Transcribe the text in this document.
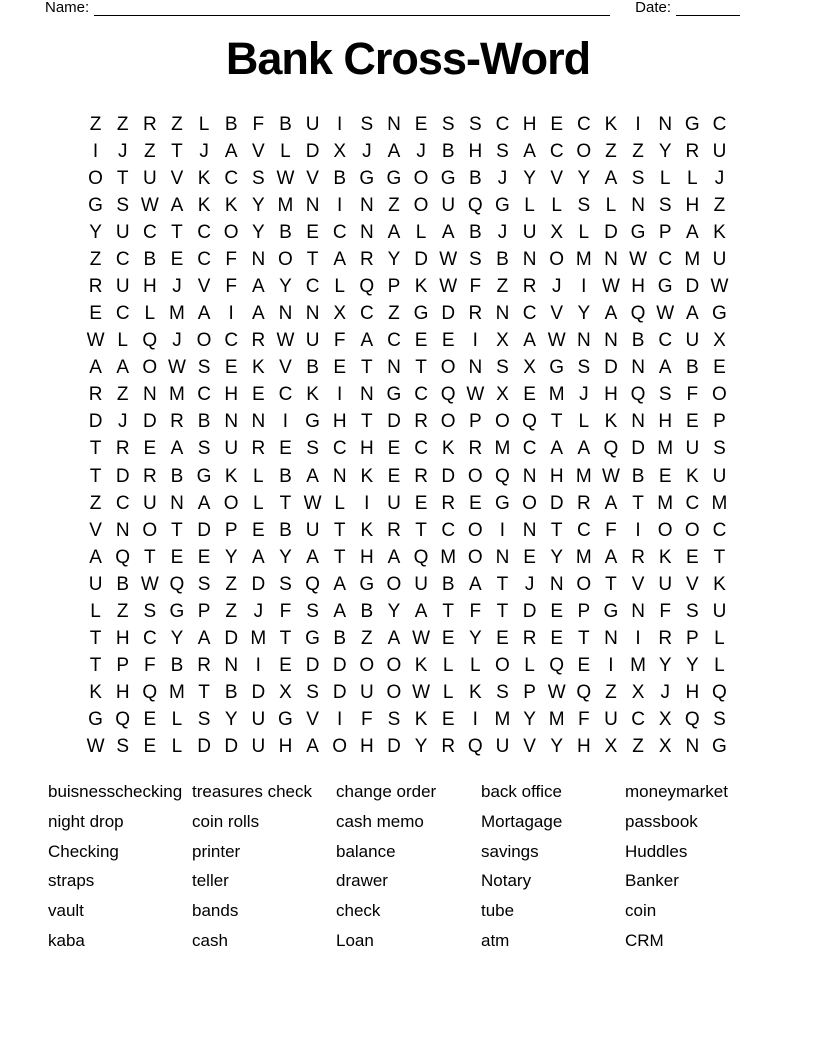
Name:	Date:
Bank Cross-Word
Z Z R Z L B F B U I S N E S S C H E C K I N G C
I	J Z T J A V L D X J A J B H S A C O Z Z Y R U
O T U V K C S W V B G G O G B J Y V Y A S L L J
G S W A K K Y M N I N Z O U Q G L L S L N S H Z
Y U C T C O Y B E C N A L A B J U X L D G P A K
Z C B E C F N O T A R Y D W S B N O M N W C M U
R U H J V F A Y C L Q P K W F Z R J	I W H G D W
E C L M A I A N N X C Z G D R N C V Y A Q W A G
W L Q J O C R W U F A C E E I X A W N N B C U X
A A O W S E K V B E T N T O N S X G S D N A B E
R Z N M C H E C K I N G C Q W X E M J H Q S F O
D J D R B N N I G H T D R O P O Q T L K N H E P
T R E A S U R E S C H E C K R M C A A Q D M U S
T D R B G K L B A N K E R D O Q N H M W B E K U
Z C U N A O L T W L	I U E R E G O D R A T M C M
V N O T D P E B U T K R T C O I N T C F I O O C
A Q T E E Y A Y A T H A Q M O N E Y M A R K E T
U B W Q S Z D S Q A G O U B A T J N O T V U V K
L Z S G P Z J F S A B Y A T F T D E P G N F S U
T H C Y A D M T G B Z A W E Y E R E T N I R P L
T P F B R N I E D D O O K L L O L Q E I M Y Y L
K H Q M T B D X S D U O W L K S P W Q Z X J H Q
G Q E L S Y U G V I F S K E I M Y M F U C X Q S
W S E L D D U H A O H D Y R Q U V Y H X Z X N G
buisnesschecking
night drop
Checking
straps
vault
kaba
treasures check
coin rolls
printer
teller
bands
cash
change order
cash memo
balance
drawer
check
Loan
back office
Mortagage
savings
Notary
tube
atm
moneymarket
passbook
Huddles
Banker
coin
CRM
